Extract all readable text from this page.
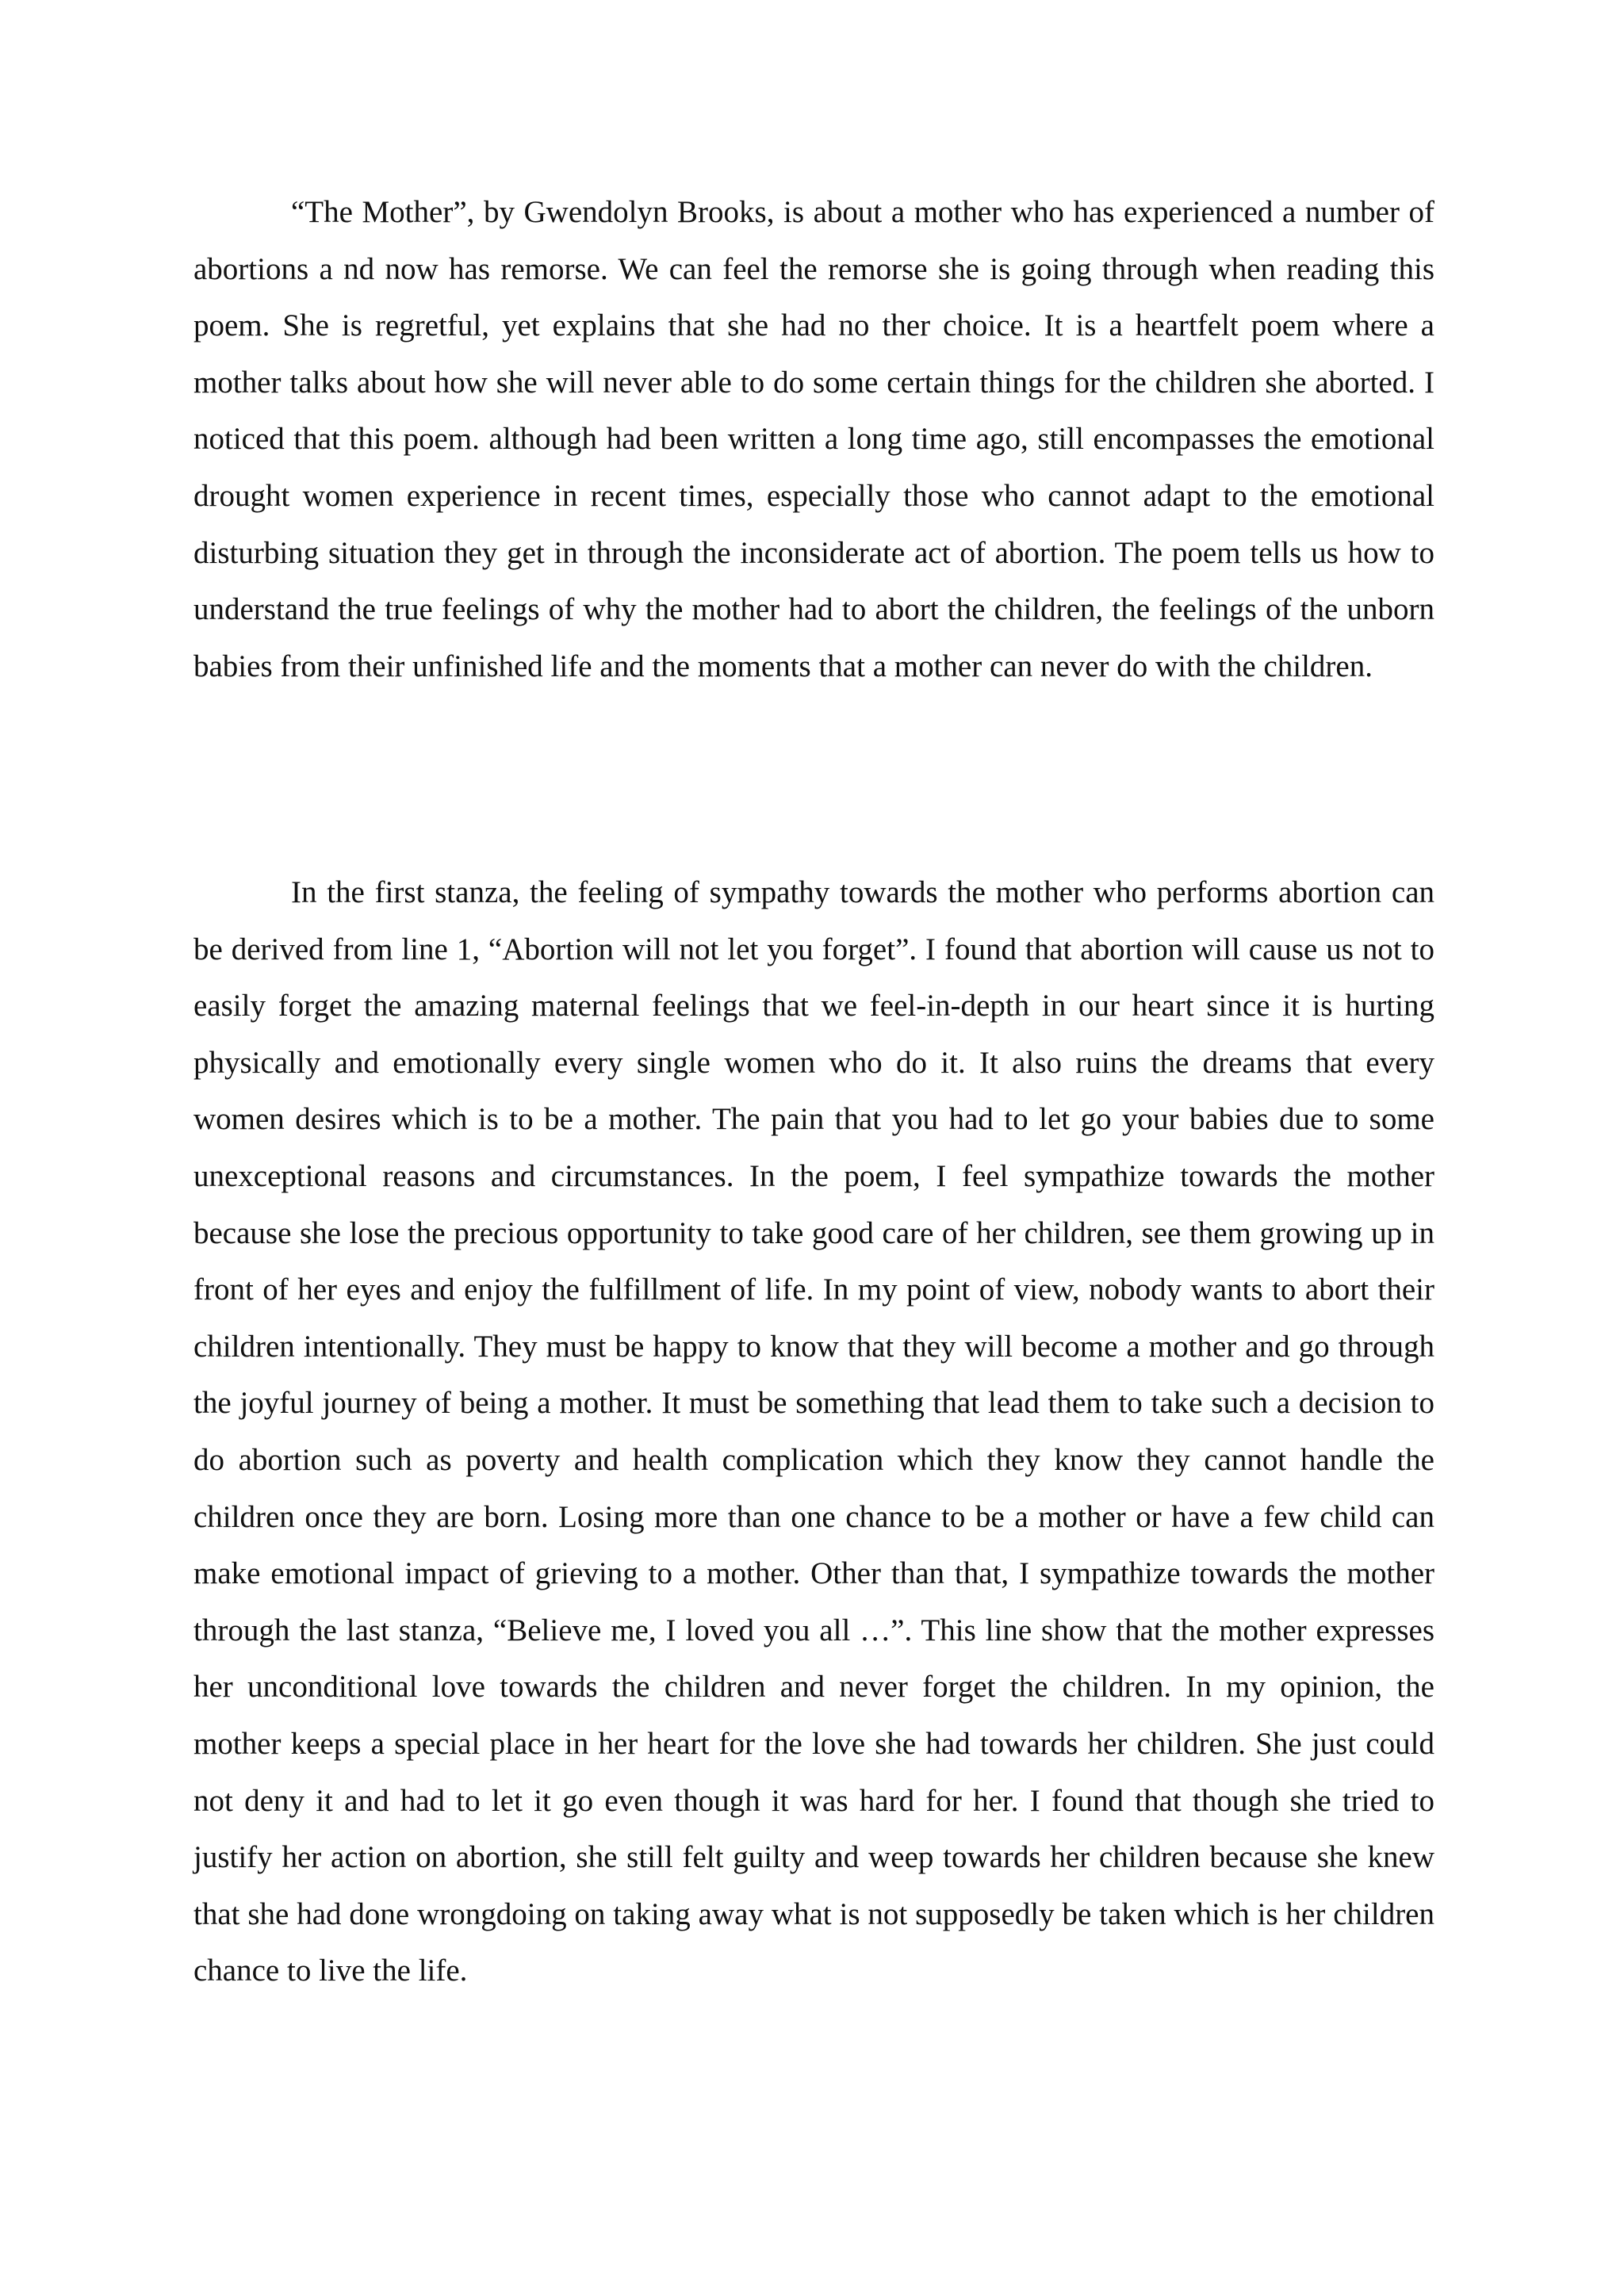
“The Mother”, by Gwendolyn Brooks, is about a mother who has experienced a number of abortions a nd now has remorse. We can feel the remorse she is going through when reading this poem. She is regretful, yet explains that she had no ther choice. It is a heartfelt poem where a mother talks about how she will never able to do some certain things for the children she aborted. I noticed that this poem. although had been written a long time ago, still encompasses the emotional drought women experience in recent times, especially those who cannot adapt to the emotional disturbing situation they get in through the inconsiderate act of abortion. The poem tells us how to understand the true feelings of why the mother had to abort the children, the feelings of the unborn babies from their unfinished life and the moments that a mother can never do with the children.

In the first stanza, the feeling of sympathy towards the mother who performs abortion can be derived from line 1, “Abortion will not let you forget”. I found that abortion will cause us not to easily forget the amazing maternal feelings that we feel-in-depth in our heart since it is hurting physically and emotionally every single women who do it. It also ruins the dreams that every women desires which is to be a mother. The pain that you had to let go your babies due to some unexceptional reasons and circumstances. In the poem, I feel sympathize towards the mother because she lose the precious opportunity to take good care of her children, see them growing up in front of her eyes and enjoy the fulfillment of life. In my point of view, nobody wants to abort their children intentionally. They must be happy to know that they will become a mother and go through the joyful journey of being a mother. It must be something that lead them to take such a decision to do abortion such as poverty and health complication which they know they cannot handle the children once they are born. Losing more than one chance to be a mother or have a few child can make emotional impact of grieving to a mother. Other than that, I sympathize towards the mother through the last stanza, “Believe me, I loved you all …”. This line show that the mother expresses her unconditional love towards the children and never forget the children. In my opinion, the mother keeps a special place in her heart for the love she had towards her children. She just could not deny it and had to let it go even though it was hard for her. I found that though she tried to justify her action on abortion, she still felt guilty and weep towards her children because she knew that she had done wrongdoing on taking away what is not supposedly be taken which is her children chance to live the life.
